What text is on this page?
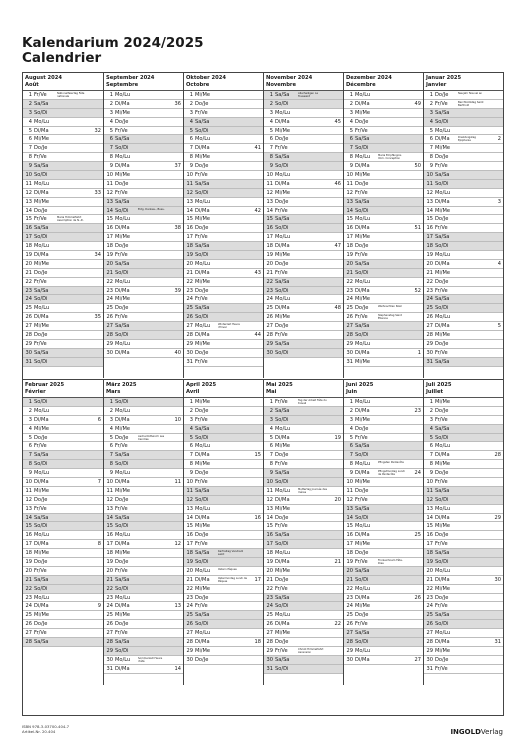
Kalendarium 2024/2025
Calendrier
August 2024
Août
1 Fr/Ve	Nationalfeiertag Fête nationale
2 Sa/Sa
3 So/Di
4 Mo/Lu
5 Di/Ma	32
6 Mi/Me
7 Do/Je
8 Fr/Ve
9 Sa/Sa
10 So/Di
11 Mo/Lu
12 Di/Ma	33
13 Mi/Me
14 Do/Je
15 Fr/Ve	Maria Himmelfahrt Assomption de N.-D.
16 Sa/Sa
17 So/Di
18 Mo/Lu
19 Di/Ma	34
20 Mi/Me
21 Do/Je
22 Fr/Ve
23 Sa/Sa
24 So/Di
25 Mo/Lu
26 Di/Ma	35
27 Mi/Me
28 Do/Je
29 Fr/Ve
30 Sa/Sa
31 So/Di
September 2024
Septembre
1 Mo/Lu
2 Di/Ma	36
3 Mi/Me
4 Do/Je
5 Fr/Ve
6 Sa/Sa
7 So/Di
8 Mo/Lu
9 Di/Ma	37
10 Mi/Me
11 Do/Je
12 Fr/Ve
13 Sa/Sa
14 So/Di	Eidg. Dankes-, Buss-
15 Mo/Lu
16 Di/Ma	38
17 Mi/Me
18 Do/Je
19 Fr/Ve
20 Sa/Sa
21 So/Di
22 Mo/Lu
23 Di/Ma	39
24 Mi/Me
25 Do/Je
26 Fr/Ve
27 Sa/Sa
28 So/Di
29 Mo/Lu
30 Di/Ma	40
Oktober 2024
Octobre
1 Mi/Me
2 Do/Je
3 Fr/Ve
4 Sa/Sa
5 So/Di
6 Mo/Lu
7 Di/Ma	41
8 Mi/Me
9 Do/Je
10 Fr/Ve
11 Sa/Sa
12 So/Di
13 Mo/Lu
14 Di/Ma	42
15 Mi/Me
16 Do/Je
17 Fr/Ve
18 Sa/Sa
19 So/Di
20 Mo/Lu
21 Di/Ma	43
22 Mi/Me
23 Do/Je
24 Fr/Ve
25 Sa/Sa
26 So/Di
27 Mo/Lu	Winterzeit Heure d'hiver
28 Di/Ma	44
29 Mi/Me
30 Do/Je
31 Fr/Ve
November 2024
Novembre
1 Sa/Sa	Allerheiligen La Toussaint
2 So/Di
3 Mo/Lu
4 Di/Ma	45
5 Mi/Me
6 Do/Je
7 Fr/Ve
8 Sa/Sa
9 So/Di
10 Mo/Lu
11 Di/Ma	46
12 Mi/Me
13 Do/Je
14 Fr/Ve
15 Sa/Sa
16 So/Di
17 Mo/Lu
18 Di/Ma	47
19 Mi/Me
20 Do/Je
21 Fr/Ve
22 Sa/Sa
23 So/Di
24 Mo/Lu
25 Di/Ma	48
26 Mi/Me
27 Do/Je
28 Fr/Ve
29 Sa/Sa
30 So/Di
Dezember 2024
Décembre
1 Mo/Lu
2 Di/Ma	49
3 Mi/Me
4 Do/Je
5 Fr/Ve
6 Sa/Sa
7 So/Di
8 Mo/Lu	Maria Empfängnis Imm. Conception
9 Di/Ma	50
10 Mi/Me
11 Do/Je
12 Fr/Ve
13 Sa/Sa
14 So/Di
15 Mo/Lu
16 Di/Ma	51
17 Mi/Me
18 Do/Je
19 Fr/Ve
20 Sa/Sa
21 So/Di
22 Mo/Lu
23 Di/Ma	52
24 Mi/Me
25 Do/Je	Weihnachten Noël
26 Fr/Ve	Stephanstag Saint Étienne
27 Sa/Sa
28 So/Di
29 Mo/Lu
30 Di/Ma	1
31 Mi/Me
Januar 2025
Janvier
1 Do/Je	Neujahr Nouvel an
2 Fr/Ve	Berchtoldstag Saint Berthold
3 Sa/Sa
4 So/Di
5 Mo/Lu
6 Di/Ma	Dreikönigstag Epiphanie	2
7 Mi/Me
8 Do/Je
9 Fr/Ve
10 Sa/Sa
11 So/Di
12 Mo/Lu
13 Di/Ma	3
14 Mi/Me
15 Do/Je
16 Fr/Ve
17 Sa/Sa
18 So/Di
19 Mo/Lu
20 Di/Ma	4
21 Mi/Me
22 Do/Je
23 Fr/Ve
24 Sa/Sa
25 So/Di
26 Mo/Lu
27 Di/Ma	5
28 Mi/Me
29 Do/Je
30 Fr/Ve
31 Sa/Sa
Februar 2025
Février
1 So/Di
2 Mo/Lu
3 Di/Ma	6
4 Mi/Me
5 Do/Je
6 Fr/Ve
7 Sa/Sa
8 So/Di
9 Mo/Lu
10 Di/Ma	7
11 Mi/Me
12 Do/Je
13 Fr/Ve
14 Sa/Sa
15 So/Di
16 Mo/Lu
17 Di/Ma	8
18 Mi/Me
19 Do/Je
20 Fr/Ve
21 Sa/Sa
22 So/Di
23 Mo/Lu
24 Di/Ma	9
25 Mi/Me
26 Do/Je
27 Fr/Ve
28 Sa/Sa
März 2025
Mars
1 So/Di
2 Mo/Lu
3 Di/Ma	10
4 Mi/Me
5 Do/Je	Aschermittwoch Les Cendres
6 Fr/Ve
7 Sa/Sa
8 So/Di
9 Mo/Lu
10 Di/Ma	11
11 Mi/Me
12 Do/Je
13 Fr/Ve
14 Sa/Sa
15 So/Di
16 Mo/Lu
17 Di/Ma	12
18 Mi/Me
19 Do/Je
20 Fr/Ve
21 Sa/Sa
22 So/Di
23 Mo/Lu
24 Di/Ma	13
25 Mi/Me
26 Do/Je
27 Fr/Ve
28 Sa/Sa
29 So/Di
30 Mo/Lu	Sommerzeit Heure d'été
31 Di/Ma	14
April 2025
Avril
1 Mi/Me
2 Do/Je
3 Fr/Ve
4 Sa/Sa
5 So/Di
6 Mo/Lu
7 Di/Ma	15
8 Mi/Me
9 Do/Je
10 Fr/Ve
11 Sa/Sa
12 So/Di
13 Mo/Lu
14 Di/Ma	16
15 Mi/Me
16 Do/Je
17 Fr/Ve
18 Sa/Sa	Karfreitag Vendredi saint
19 So/Di
20 Mo/Lu	Ostern Pâques
21 Di/Ma	Ostermontag Lundi de Pâques	17
22 Mi/Me
23 Do/Je
24 Fr/Ve
25 Sa/Sa
26 So/Di
27 Mo/Lu
28 Di/Ma	18
29 Mi/Me
30 Do/Je
Mai 2025
Mai
1 Fr/Ve	Tag der Arbeit Fête du travail
2 Sa/Sa
3 So/Di
4 Mo/Lu
5 Di/Ma	19
6 Mi/Me
7 Do/Je
8 Fr/Ve
9 Sa/Sa
10 So/Di
11 Mo/Lu	Muttertag Journée des mères
12 Di/Ma	20
13 Mi/Me
14 Do/Je
15 Fr/Ve
16 Sa/Sa
17 So/Di
18 Mo/Lu
19 Di/Ma	21
20 Mi/Me
21 Do/Je
22 Fr/Ve
23 Sa/Sa
24 So/Di
25 Mo/Lu
26 Di/Ma	22
27 Mi/Me
28 Do/Je
29 Fr/Ve	Christi Himmelfahrt Ascension
30 Sa/Sa
31 So/Di
Juni 2025
Juin
1 Mo/Lu
2 Di/Ma	23
3 Mi/Me
4 Do/Je
5 Fr/Ve
6 Sa/Sa
7 So/Di
8 Mo/Lu	Pfingsten Pentecôte
9 Di/Ma	Pfingstmontag Lundi de Pentecôte	24
10 Mi/Me
11 Do/Je
12 Fr/Ve
13 Sa/Sa
14 So/Di
15 Mo/Lu
16 Di/Ma	25
17 Mi/Me
18 Do/Je
19 Fr/Ve	Fronleichnam Fête-Dieu
20 Sa/Sa
21 So/Di
22 Mo/Lu
23 Di/Ma	26
24 Mi/Me
25 Do/Je
26 Fr/Ve
27 Sa/Sa
28 So/Di
29 Mo/Lu
30 Di/Ma	27
Juli 2025
Juillet
1 Mi/Me
2 Do/Je
3 Fr/Ve
4 Sa/Sa
5 So/Di
6 Mo/Lu
7 Di/Ma	28
8 Mi/Me
9 Do/Je
10 Fr/Ve
11 Sa/Sa
12 So/Di
13 Mo/Lu
14 Di/Ma	29
15 Mi/Me
16 Do/Je
17 Fr/Ve
18 Sa/Sa
19 So/Di
20 Mo/Lu
21 Di/Ma	30
22 Mi/Me
23 Do/Je
24 Fr/Ve
25 Sa/Sa
26 So/Di
27 Mo/Lu
28 Di/Ma	31
29 Mi/Me
30 Do/Je
31 Fr/Ve
ISBN 978-3-03700-404-7
Artikel-Nr. 20.404	INGOLDVerlag
